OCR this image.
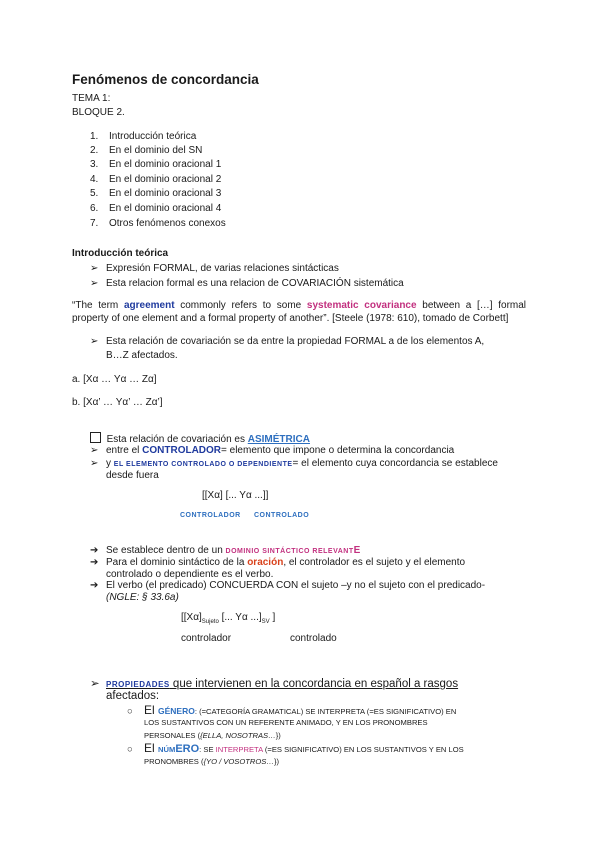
Fenómenos de concordancia
TEMA 1:
BLOQUE 2.
1. Introducción teórica
2. En el dominio del SN
3. En el dominio oracional 1
4. En el dominio oracional 2
5. En el dominio oracional 3
6. En el dominio oracional 4
7. Otros fenómenos conexos
Introducción teórica
➢ Expresión FORMAL, de varias relaciones sintácticas
➢ Esta relacion formal es una relacion de COVARIACIÓN sistemática
“The term agreement commonly refers to some systematic covariance between a […] formal property of one element and a formal property of another”. [Steele (1978: 610), tomado de Corbett]
➢ Esta relación de covariación se da entre la propiedad FORMAL a de los elementos A,
B…Z afectados.
a. [Xα … Yα … Zα]
b. [Xα’ … Yα’ … Zα’]
Esta relación de covariación es ASIMÉTRICA
➢ entre el CONTROLADOR= elemento que impone o determina la concordancia
➢ y EL ELEMENTO CONTROLADO O DEPENDIENTE= el elemento cuya concordancia se establece
desde fuera
[[Xα] [... Yα ...]]
CONTROLADOR CONTROLADO
➔ Se establece dentro de un DOMINIO SINTÁCTICO RELEVANTE
➔ Para el dominio sintáctico de la oración, el controlador es el sujeto y el elemento
controlado o dependiente es el verbo.
➔ El verbo (el predicado) CONCUERDA CON el sujeto –y no el sujeto con el predicado-
(NGLE: § 33.6a)
[$[X\alpha]_{Sujeto}$ [... Yα $...]_{SV}$ ]
controlador	controlado
➢ PROPIEDADES que intervienen en la concordancia en español a rasgos
afectados:
○ El GÉNERO: (=CATEGORÍA GRAMATICAL) SE INTERPRETA (=ES SIGNIFICATIVO) EN
LOS SUSTANTIVOS CON UN REFERENTE ANIMADO, Y EN LOS PRONOMBRES
PERSONALES ({ELLA, NOSOTRAS…})
○ El NÚMERO: SE INTERPRETA (=ES SIGNIFICATIVO) EN LOS SUSTANTIVOS Y EN LOS
PRONOMBRES ({YO / VOSOTROS…})
